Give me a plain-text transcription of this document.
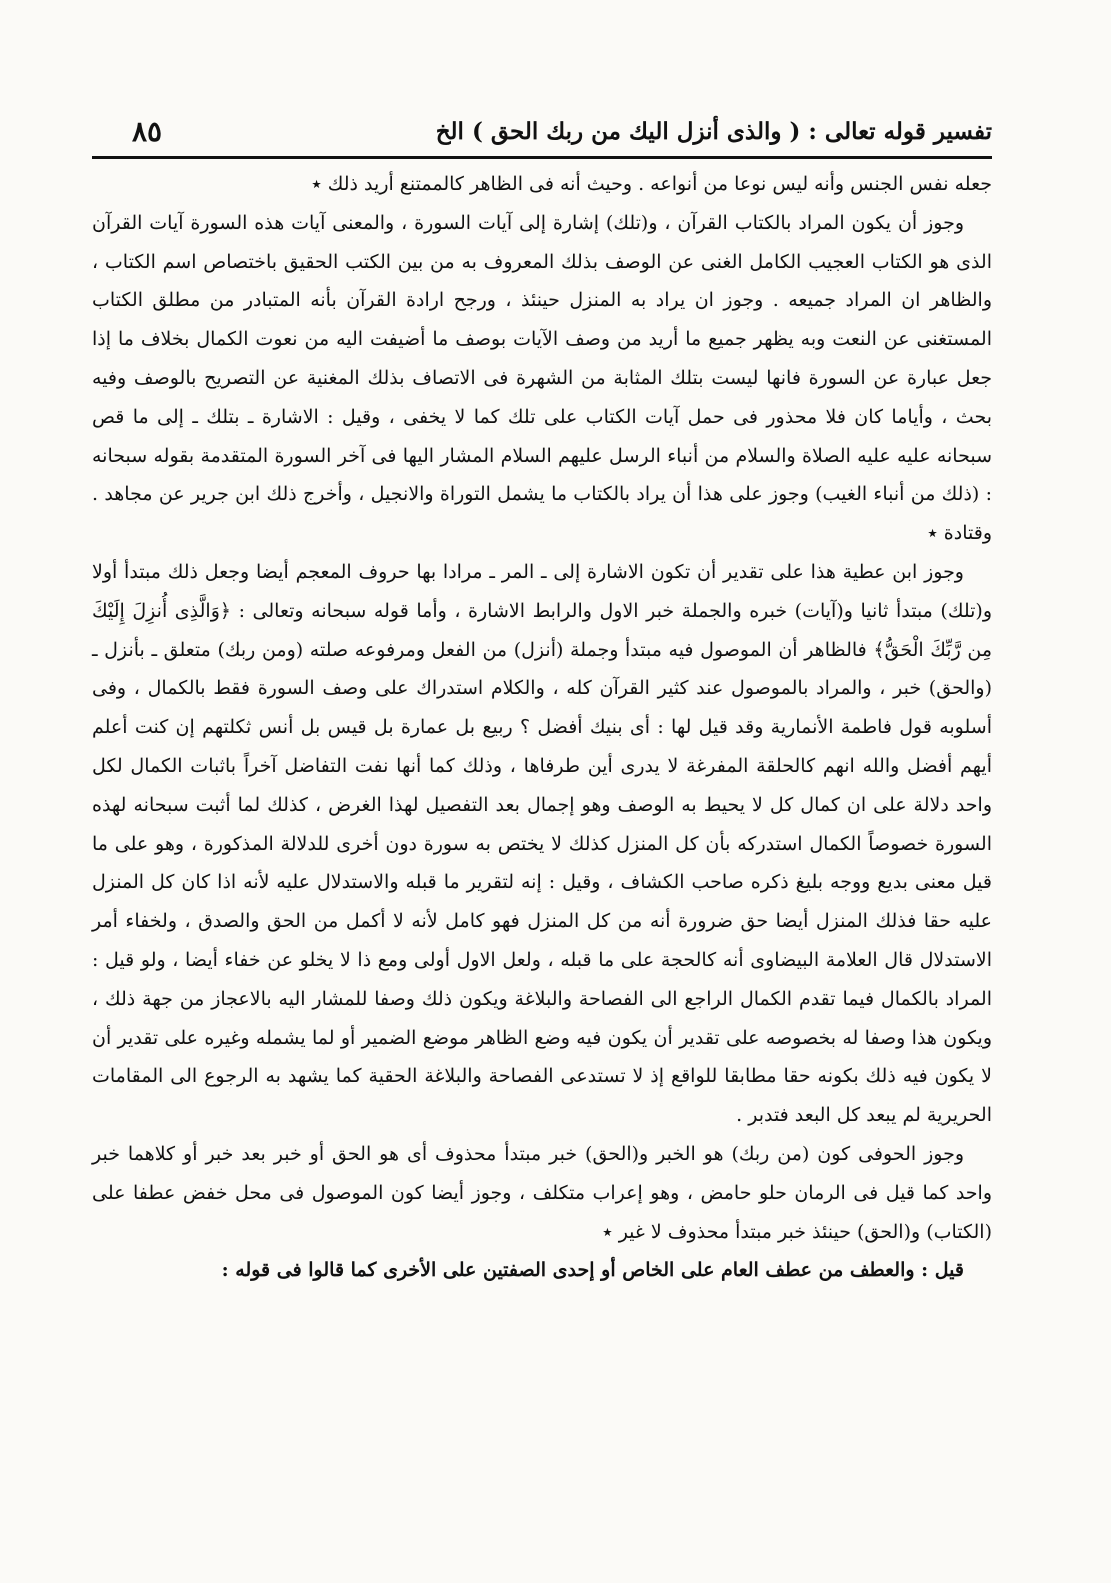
تفسير قوله تعالى : ( والذى أنزل اليك من ربك الحق ) الخ
٨٥

جعله نفس الجنس وأنه ليس نوعا من أنواعه . وحيث أنه فى الظاهر كالممتنع أريد ذلك ٭

وجوز أن يكون المراد بالكتاب القرآن ، و(تلك) إشارة إلى آيات السورة ، والمعنى آيات هذه السورة آيات القرآن الذى هو الكتاب العجيب الكامل الغنى عن الوصف بذلك المعروف به من بين الكتب الحقيق باختصاص اسم الكتاب ، والظاهر ان المراد جميعه . وجوز ان يراد به المنزل حينئذ ، ورجح ارادة القرآن بأنه المتبادر من مطلق الكتاب المستغنى عن النعت وبه يظهر جميع ما أريد من وصف الآيات بوصف ما أضيفت اليه من نعوت الكمال بخلاف ما إذا جعل عبارة عن السورة فانها ليست بتلك المثابة من الشهرة فى الاتصاف بذلك المغنية عن التصريح بالوصف وفيه بحث ، وأياما كان فلا محذور فى حمل آيات الكتاب على تلك كما لا يخفى ، وقيل : الاشارة ـ بتلك ـ إلى ما قص سبحانه عليه عليه الصلاة والسلام من أنباء الرسل عليهم السلام المشار اليها فى آخر السورة المتقدمة بقوله سبحانه : (ذلك من أنباء الغيب) وجوز على هذا أن يراد بالكتاب ما يشمل التوراة والانجيل ، وأخرج ذلك ابن جرير عن مجاهد . وقتادة ٭

وجوز ابن عطية هذا على تقدير أن تكون الاشارة إلى ـ المر ـ مرادا بها حروف المعجم أيضا وجعل ذلك مبتدأ أولا و(تلك) مبتدأ ثانيا و(آيات) خبره والجملة خبر الاول والرابط الاشارة ، وأما قوله سبحانه وتعالى : ﴿وَالَّذِى أُنزِلَ إِلَيْكَ مِن رَّبِّكَ الْحَقُّ﴾ فالظاهر أن الموصول فيه مبتدأ وجملة (أنزل) من الفعل ومرفوعه صلته (ومن ربك) متعلق ـ بأنزل ـ (والحق) خبر ، والمراد بالموصول عند كثير القرآن كله ، والكلام استدراك على وصف السورة فقط بالكمال ، وفى أسلوبه قول فاطمة الأنمارية وقد قيل لها : أى بنيك أفضل ؟ ربيع بل عمارة بل قيس بل أنس ثكلتهم إن كنت أعلم أيهم أفضل والله انهم كالحلقة المفرغة لا يدرى أين طرفاها ، وذلك كما أنها نفت التفاضل آخراً باثبات الكمال لكل واحد دلالة على ان كمال كل لا يحيط به الوصف وهو إجمال بعد التفصيل لهذا الغرض ، كذلك لما أثبت سبحانه لهذه السورة خصوصاً الكمال استدركه بأن كل المنزل كذلك لا يختص به سورة دون أخرى للدلالة المذكورة ، وهو على ما قيل معنى بديع ووجه بليغ ذكره صاحب الكشاف ، وقيل : إنه لتقرير ما قبله والاستدلال عليه لأنه اذا كان كل المنزل عليه حقا فذلك المنزل أيضا حق ضرورة أنه من كل المنزل فهو كامل لأنه لا أكمل من الحق والصدق ، ولخفاء أمر الاستدلال قال العلامة البيضاوى أنه كالحجة على ما قبله ، ولعل الاول أولى ومع ذا لا يخلو عن خفاء أيضا ، ولو قيل : المراد بالكمال فيما تقدم الكمال الراجع الى الفصاحة والبلاغة ويكون ذلك وصفا للمشار اليه بالاعجاز من جهة ذلك ، ويكون هذا وصفا له بخصوصه على تقدير أن يكون فيه وضع الظاهر موضع الضمير أو لما يشمله وغيره على تقدير أن لا يكون فيه ذلك بكونه حقا مطابقا للواقع إذ لا تستدعى الفصاحة والبلاغة الحقية كما يشهد به الرجوع الى المقامات الحريرية لم يبعد كل البعد فتدبر .

وجوز الحوفى كون (من ربك) هو الخبر و(الحق) خبر مبتدأ محذوف أى هو الحق أو خبر بعد خبر أو كلاهما خبر واحد كما قيل فى الرمان حلو حامض ، وهو إعراب متكلف ، وجوز أيضا كون الموصول فى محل خفض عطفا على (الكتاب) و(الحق) حينئذ خبر مبتدأ محذوف لا غير ٭

قيل : والعطف من عطف العام على الخاص أو إحدى الصفتين على الأخرى كما قالوا فى قوله :
